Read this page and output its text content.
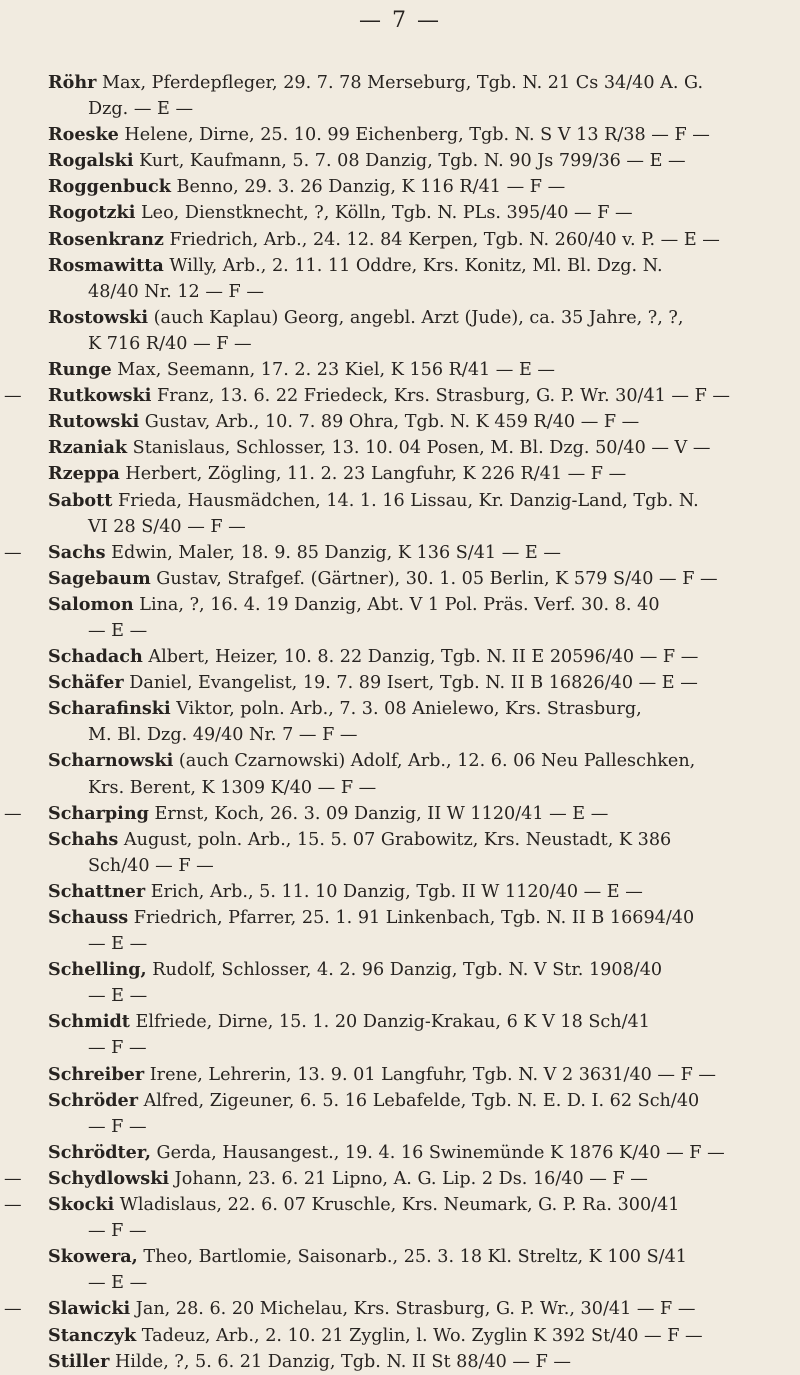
— 7 —
Röhr Max, Pferdepfleger, 29. 7. 78 Merseburg, Tgb. N. 21 Cs 34/40 A. G.
Dzg. — E —
Roeske Helene, Dirne, 25. 10. 99 Eichenberg, Tgb. N. S V 13 R/38 — F —
Rogalski Kurt, Kaufmann, 5. 7. 08 Danzig, Tgb. N. 90 Js 799/36 — E —
Roggenbuck Benno, 29. 3. 26 Danzig, K 116 R/41 — F —
Rogotzki Leo, Dienstknecht, ?, Kölln, Tgb. N. PLs. 395/40 — F —
Rosenkranz Friedrich, Arb., 24. 12. 84 Kerpen, Tgb. N. 260/40 v. P. — E —
Rosmawitta Willy, Arb., 2. 11. 11 Oddre, Krs. Konitz, Ml. Bl. Dzg. N.
48/40 Nr. 12 — F —
Rostowski (auch Kaplau) Georg, angebl. Arzt (Jude), ca. 35 Jahre, ?, ?,
K 716 R/40 — F —
Runge Max, Seemann, 17. 2. 23 Kiel, K 156 R/41 — E —
—	Rutkowski Franz, 13. 6. 22 Friedeck, Krs. Strasburg, G. P. Wr. 30/41 — F —
Rutowski Gustav, Arb., 10. 7. 89 Ohra, Tgb. N. K 459 R/40 — F —
Rzaniak Stanislaus, Schlosser, 13. 10. 04 Posen, M. Bl. Dzg. 50/40 — V —
Rzeppa Herbert, Zögling, 11. 2. 23 Langfuhr, K 226 R/41 — F —
Sabott Frieda, Hausmädchen, 14. 1. 16 Lissau, Kr. Danzig-Land, Tgb. N.
VI 28 S/40 — F —
—	Sachs Edwin, Maler, 18. 9. 85 Danzig, K 136 S/41 — E —
Sagebaum Gustav, Strafgef. (Gärtner), 30. 1. 05 Berlin, K 579 S/40 — F —
Salomon Lina, ?, 16. 4. 19 Danzig, Abt. V 1 Pol. Präs. Verf. 30. 8. 40
— E —
Schadach Albert, Heizer, 10. 8. 22 Danzig, Tgb. N. II E 20596/40 — F —
Schäfer Daniel, Evangelist, 19. 7. 89 Isert, Tgb. N. II B 16826/40 — E —
Scharafinski Viktor, poln. Arb., 7. 3. 08 Anielewo, Krs. Strasburg,
M. Bl. Dzg. 49/40 Nr. 7 — F —
Scharnowski (auch Czarnowski) Adolf, Arb., 12. 6. 06 Neu Palleschken,
Krs. Berent, K 1309 K/40 — F —
—	Scharping Ernst, Koch, 26. 3. 09 Danzig, II W 1120/41 — E —
Schahs August, poln. Arb., 15. 5. 07 Grabowitz, Krs. Neustadt, K 386
Sch/40 — F —
Schattner Erich, Arb., 5. 11. 10 Danzig, Tgb. II W 1120/40 — E —
Schauss Friedrich, Pfarrer, 25. 1. 91 Linkenbach, Tgb. N. II B 16694/40
— E —
Schelling, Rudolf, Schlosser, 4. 2. 96 Danzig, Tgb. N. V Str. 1908/40
— E —
Schmidt Elfriede, Dirne, 15. 1. 20 Danzig-Krakau, 6 K V 18 Sch/41
— F —
Schreiber Irene, Lehrerin, 13. 9. 01 Langfuhr, Tgb. N. V 2 3631/40 — F —
Schröder Alfred, Zigeuner, 6. 5. 16 Lebafelde, Tgb. N. E. D. I. 62 Sch/40
— F —
Schrödter, Gerda, Hausangest., 19. 4. 16 Swinemünde K 1876 K/40 — F —
—	Schydlowski Johann, 23. 6. 21 Lipno, A. G. Lip. 2 Ds. 16/40 — F —
—	Skocki Wladislaus, 22. 6. 07 Kruschle, Krs. Neumark, G. P. Ra. 300/41
— F —
Skowera, Theo, Bartlomie, Saisonarb., 25. 3. 18 Kl. Streltz, K 100 S/41
— E —
—	Slawicki Jan, 28. 6. 20 Michelau, Krs. Strasburg, G. P. Wr., 30/41 — F —
Stanczyk Tadeuz, Arb., 2. 10. 21 Zyglin, l. Wo. Zyglin K 392 St/40 — F —
Stiller Hilde, ?, 5. 6. 21 Danzig, Tgb. N. II St 88/40 — F —
